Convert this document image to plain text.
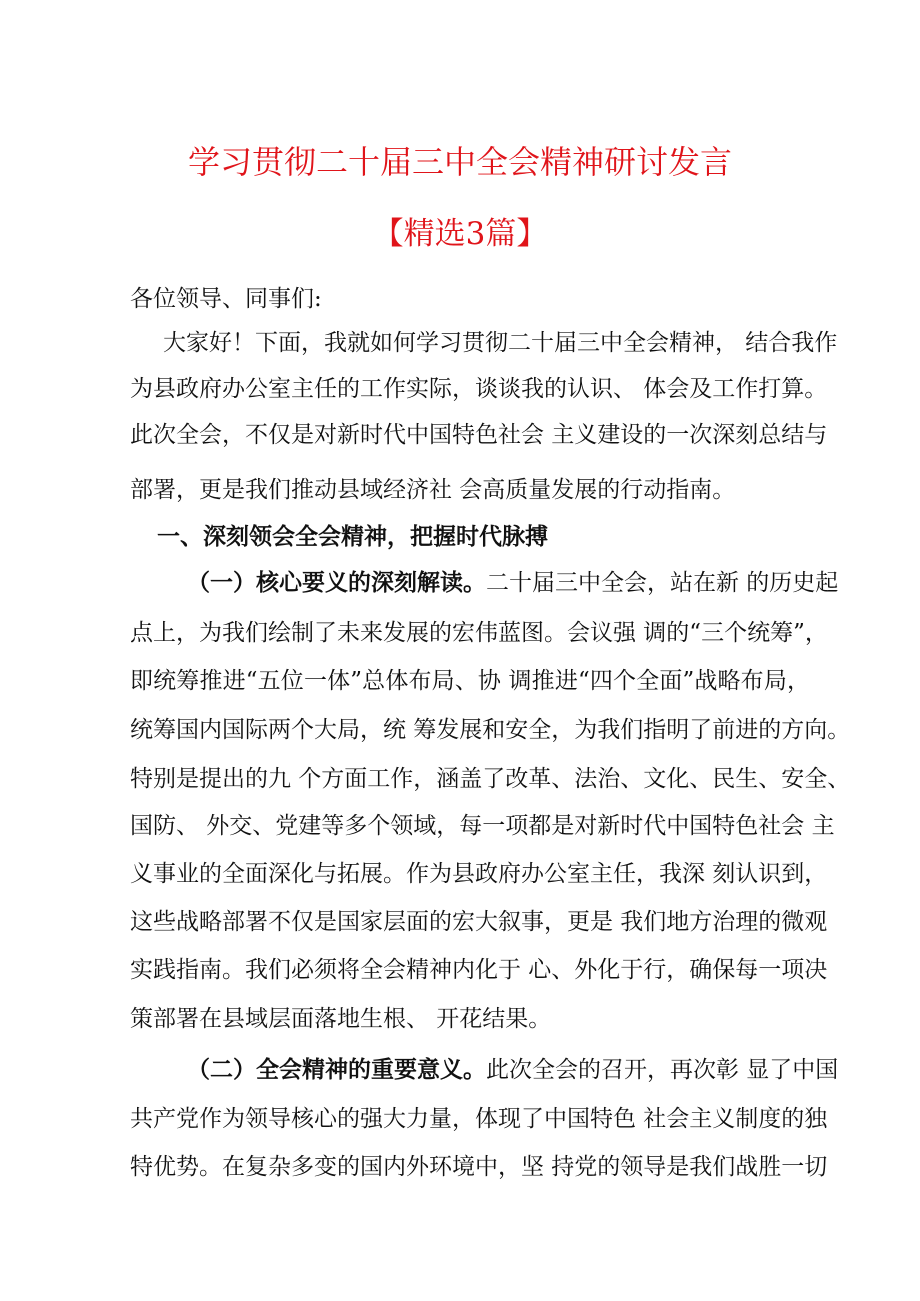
学习贯彻二十届三中全会精神研讨发言
【精选3篇】
各位领导、同事们:
大家好！下面，我就如何学习贯彻二十届三中全会精神， 结合我作
为县政府办公室主任的工作实际，谈谈我的认识、 体会及工作打算。
此次全会，不仅是对新时代中国特色社会 主义建设的一次深刻总结与
部署，更是我们推动县域经济社 会高质量发展的行动指南。
一、深刻领会全会精神，把握时代脉搏
（一）核心要义的深刻解读。二十届三中全会，站在新 的历史起
点上，为我们绘制了未来发展的宏伟蓝图。会议强 调的“三个统筹”，
即统筹推进“五位一体”总体布局、协 调推进“四个全面”战略布局，
统筹国内国际两个大局，统 筹发展和安全，为我们指明了前进的方向。
特别是提出的九 个方面工作，涵盖了改革、法治、文化、民生、安全、
国防、 外交、党建等多个领域，每一项都是对新时代中国特色社会 主
义事业的全面深化与拓展。作为县政府办公室主任，我深 刻认识到，
这些战略部署不仅是国家层面的宏大叙事，更是 我们地方治理的微观
实践指南。我们必须将全会精神内化于 心、外化于行，确保每一项决
策部署在县域层面落地生根、 开花结果。
（二）全会精神的重要意义。此次全会的召开，再次彰 显了中国
共产党作为领导核心的强大力量，体现了中国特色 社会主义制度的独
特优势。在复杂多变的国内外环境中，坚 持党的领导是我们战胜一切
